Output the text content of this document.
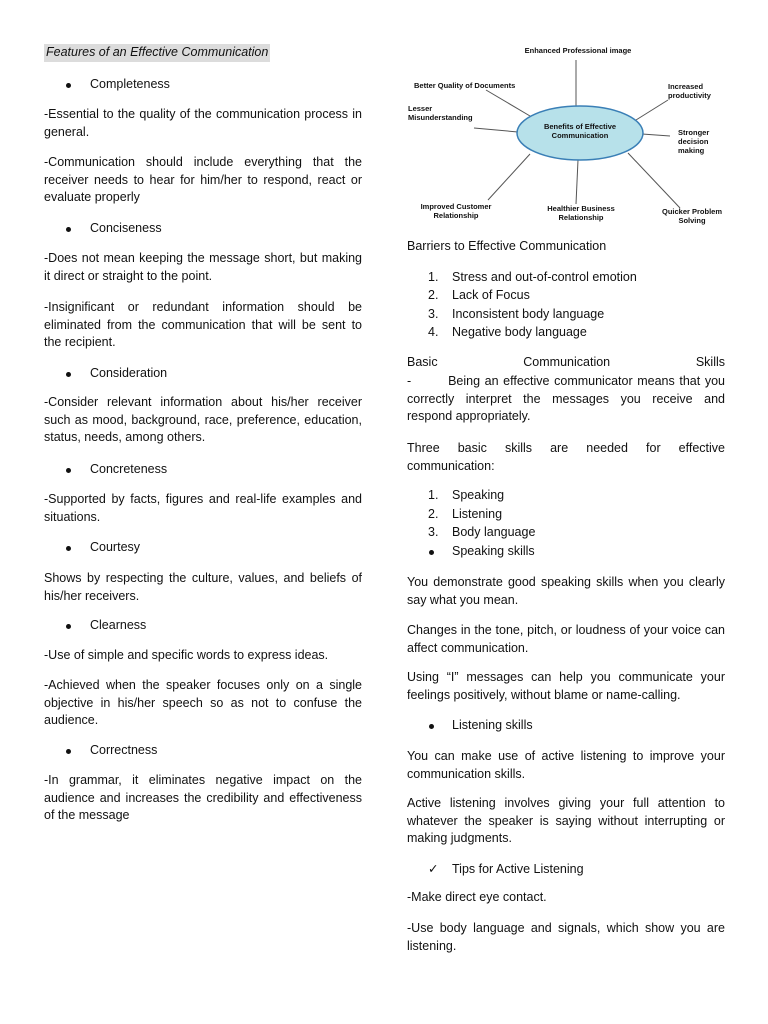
Features of an Effective Communication
Completeness
-Essential to the quality of the communication process in general.
-Communication should include everything that the receiver needs to hear for him/her to respond, react or evaluate properly
Conciseness
-Does not mean keeping the message short, but making it direct or straight to the point.
-Insignificant or redundant information should be eliminated from the communication that will be sent to the recipient.
Consideration
-Consider relevant information about his/her receiver such as mood, background, race, preference, education, status, needs, among others.
Concreteness
-Supported by facts, figures and real-life examples and situations.
Courtesy
Shows by respecting the culture, values, and beliefs of his/her receivers.
Clearness
-Use of simple and specific words to express ideas.
-Achieved when the speaker focuses only on a single objective in his/her speech so as not to confuse the audience.
Correctness
-In grammar, it eliminates negative impact on the audience and increases the credibility and effectiveness of the message
Benefits of Effective Communication
Enhanced Professional image
Increased productivity
Stronger decision making
Quicker Problem Solving
Healthier Business Relationship
Improved Customer Relationship
Lesser Misunderstanding
Better Quality of Documents
Barriers to Effective Communication
1. Stress and out-of-control emotion
2. Lack of Focus
3. Inconsistent body language
4. Negative body language
Basic	Communication	Skills
-        Being an effective communicator means that you correctly interpret the messages you receive and respond appropriately.
Three basic skills are needed for effective communication:
1. Speaking
2. Listening
3. Body language
Speaking skills
You demonstrate good speaking skills when you clearly say what you mean.
Changes in the tone, pitch, or loudness of your voice can affect communication.
Using “I” messages can help you communicate your feelings positively, without blame or name-calling.
Listening skills
You can make use of active listening to improve your communication skills.
Active listening involves giving your full attention to whatever the speaker is saying without interrupting or making judgments.
✓ Tips for Active Listening
-Make direct eye contact.
-Use body language and signals, which show you are listening.
